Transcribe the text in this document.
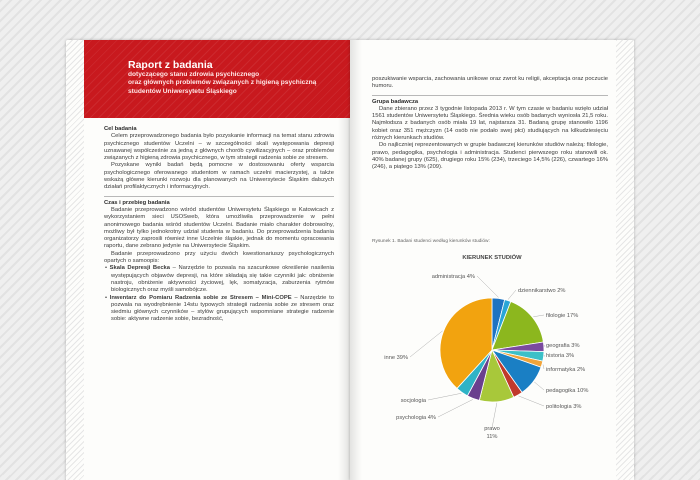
Raport z badania
dotyczącego stanu zdrowia psychicznego
oraz głównych problemów związanych z higieną psychiczną
studentów Uniwersytetu Śląskiego

Cel badania

Celem przeprowadzonego badania było pozyskanie informacji na temat stanu zdrowia psychicznego studentów Uczelni – w szczególności skali występowania depresji uznawanej współcześnie za jedną z głównych chorób cywilizacyjnych – oraz problemów związanych z higieną zdrowia psychicznego, w tym strategii radzenia sobie ze stresem.

Pozyskane wyniki badań będą pomocne w dostosowaniu oferty wsparcia psychologicznego oferowanego studentom w ramach uczelni macierzystej, a także wskażą główne kierunki rozwoju dla planowanych na Uniwersytecie Śląskim dalszych działań profilaktycznych i informacyjnych.

Czas i przebieg badania

Badanie przeprowadzono wśród studentów Uniwersytetu Śląskiego w Katowicach z wykorzystaniem sieci USOSweb, która umożliwiła przeprowadzenie w pełni anonimowego badania wśród studentów Uczelni. Badanie miało charakter dobrowolny, możliwy był tylko jednokrotny udział studenta w badaniu. Do przeprowadzenia badania organizatorzy zaprosili również inne Uczelnie śląskie, jednak do momentu opracowania raportu, dane zebrano jedynie na Uniwersytecie Śląskim.

Badanie przeprowadzono przy użyciu dwóch kwestionariuszy psychologicznych opartych o samoopis:

• Skala Depresji Becka – Narzędzie to pozwala na szacunkowe określenie nasilenia występujących objawów depresji, na które składają się takie czynniki jak: obniżenie nastroju, obniżenie aktywności życiowej, lęk, somatyzacja, zaburzenia rytmów biologicznych oraz myśli samobójcze.

• Inwentarz do Pomiaru Radzenia sobie ze Stresem – Mini-COPE – Narzędzie to pozwala na wyodrębnienie 14stu typowych strategii radzenia sobie ze stresem oraz siedmiu głównych czynników – stylów grupujących wspomniane strategie radzenie sobie: aktywne radzenie sobie, bezradność,

poszukiwanie wsparcia, zachowania unikowe oraz zwrot ku religii, akceptacja oraz poczucie humoru.

Grupa badawcza

Dane zbierano przez 3 tygodnie listopada 2013 r. W tym czasie w badaniu wzięło udział 1561 studentów Uniwersytetu Śląskiego. Średnia wieku osób badanych wyniosła 21,5 roku. Najmłodsza z badanych osób miała 19 lat, najstarsza 31. Badaną grupę stanowiło 1196 kobiet oraz 351 mężczyzn (14 osób nie podało swej płci) studiujących na kilkudziesięciu różnych kierunkach studiów.

Do najliczniej reprezentowanych w grupie badawczej kierunków studiów należą: filologie, prawo, pedagogika, psychologia i administracja. Studenci pierwszego roku stanowili ok. 40% badanej grupy (625), drugiego roku 15% (234), trzeciego 14,5% (226), czwartego 16% (246), a piątego 13% (209).

Rysunek 1. Badani studenci według kierunków studiów:
KIERUNEK STUDIÓW
administracja 4%
dziennikarstwo 2%
filologie 17%
geografia 3%
historia 3%
informatyka 2%
pedagogika 10%
politologia 3%
prawo 11%
psychologia 4%
socjologia
inne 39%
